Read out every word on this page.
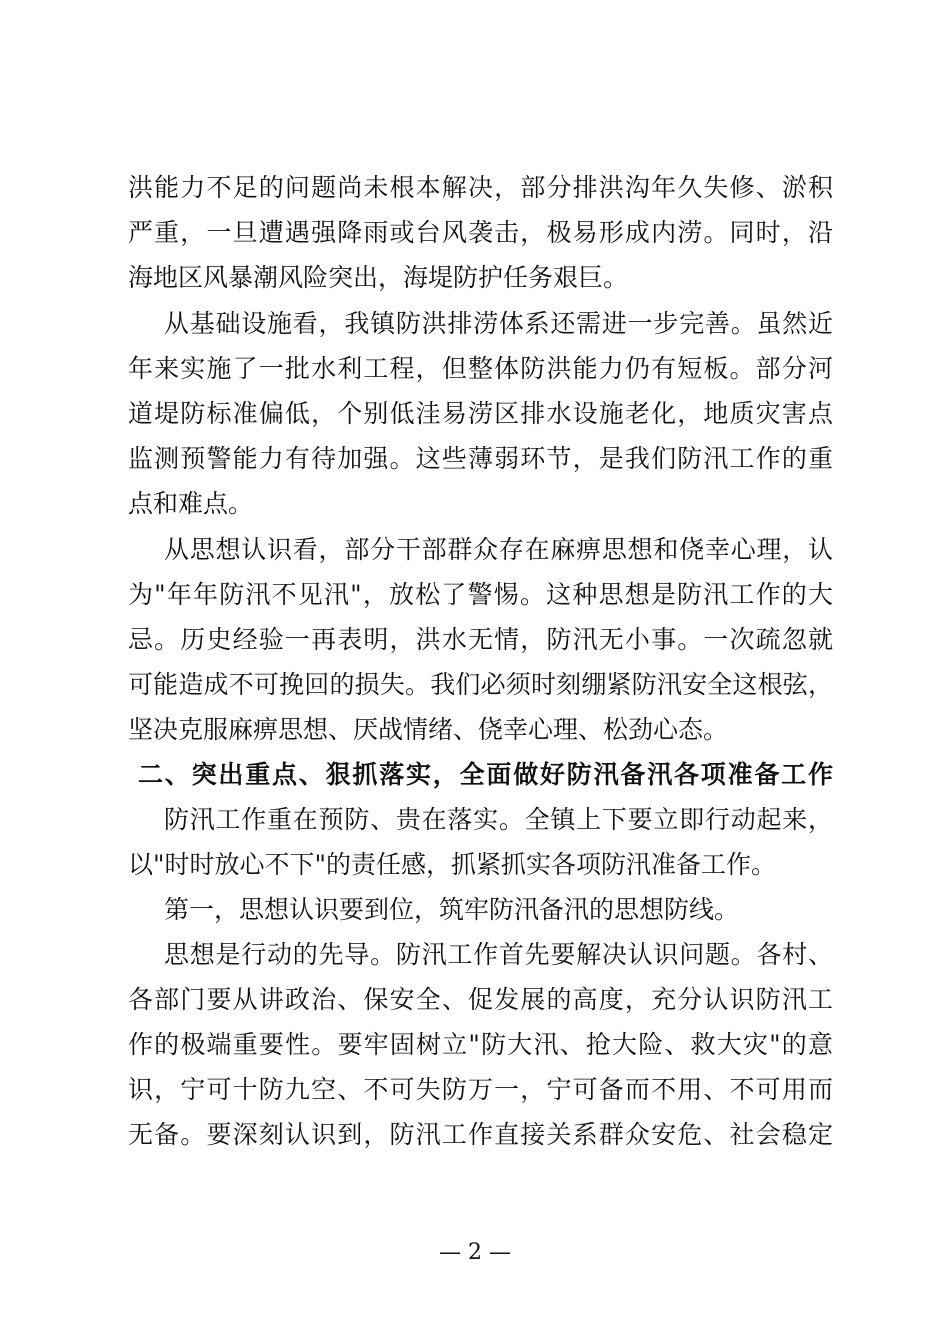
洪能力不足的问题尚未根本解决，部分排洪沟年久失修、淤积
严重，一旦遭遇强降雨或台风袭击，极易形成内涝。同时，沿
海地区风暴潮风险突出，海堤防护任务艰巨。
从基础设施看，我镇防洪排涝体系还需进一步完善。虽然近
年来实施了一批水利工程，但整体防洪能力仍有短板。部分河
道堤防标准偏低，个别低洼易涝区排水设施老化，地质灾害点
监测预警能力有待加强。这些薄弱环节，是我们防汛工作的重
点和难点。
从思想认识看，部分干部群众存在麻痹思想和侥幸心理，认
为"年年防汛不见汛"，放松了警惕。这种思想是防汛工作的大
忌。历史经验一再表明，洪水无情，防汛无小事。一次疏忽就
可能造成不可挽回的损失。我们必须时刻绷紧防汛安全这根弦，
坚决克服麻痹思想、厌战情绪、侥幸心理、松劲心态。
二、突出重点、狠抓落实，全面做好防汛备汛各项准备工作
防汛工作重在预防、贵在落实。全镇上下要立即行动起来，
以"时时放心不下"的责任感，抓紧抓实各项防汛准备工作。
第一，思想认识要到位，筑牢防汛备汛的思想防线。
思想是行动的先导。防汛工作首先要解决认识问题。各村、
各部门要从讲政治、保安全、促发展的高度，充分认识防汛工
作的极端重要性。要牢固树立"防大汛、抢大险、救大灾"的意
识，宁可十防九空、不可失防万一，宁可备而不用、不可用而
无备。要深刻认识到，防汛工作直接关系群众安危、社会稳定
— 2 —
